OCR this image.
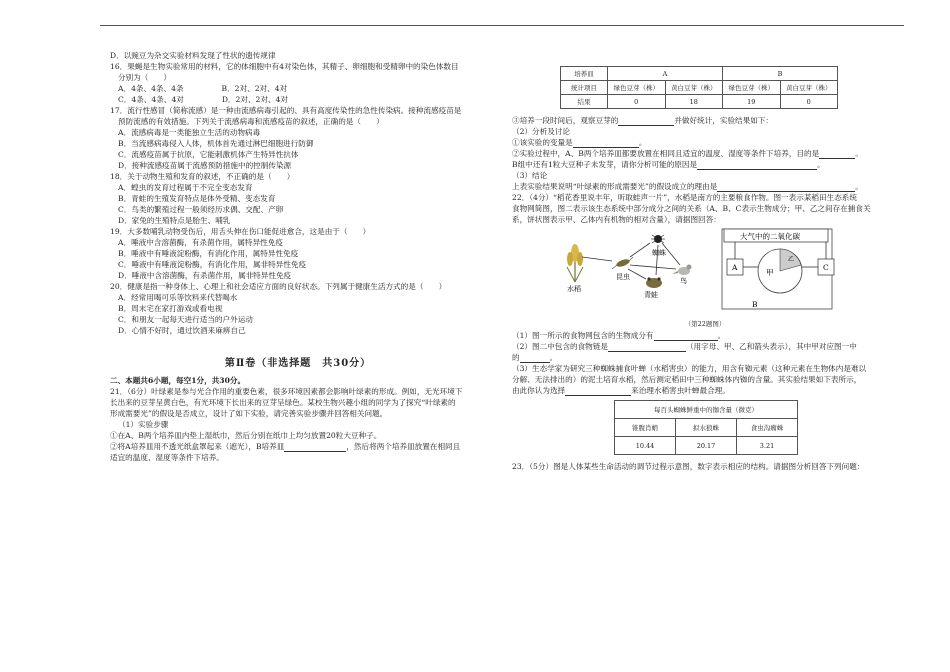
D．以豌豆为杂交实验材料发现了性状的遗传规律

16．果蝇是生物实验常用的材料，它的体细胞中有4对染色体，其精子、卵细胞和受精卵中的染色体数目

分别为（　　）

A．4条、4条、4条　　　　　B．2对、2对、4对

C．4条、4条、4对　　　　　D．2对、2对、4对

17．流行性感冒（简称流感）是一种由流感病毒引起的、具有高度传染性的急性传染病。接种流感疫苗是

预防流感的有效措施。下列关于流感病毒和流感疫苗的叙述，正确的是（　　）

A．流感病毒是一类能独立生活的动物病毒

B．当流感病毒侵入人体，机体首先通过淋巴细胞进行防御

C．流感疫苗属于抗原，它能刺激机体产生特异性抗体

D．接种流感疫苗属于流感预防措施中的控制传染源

18．关于动物生殖和发育的叙述，不正确的是（　　）

A．蝗虫的发育过程属于不完全变态发育

B．青蛙的生殖发育特点是体外受精、变态发育

C．鸟类的繁殖过程一般须经历求偶、交配、产卵

D．家兔的生殖特点是胎生、哺乳

19．大多数哺乳动物受伤后，用舌头伸在伤口能促进愈合，这是由于（　　）

A．唾液中含溶菌酶，有杀菌作用，属特异性免疫

B．唾液中有唾液淀粉酶，有消化作用，属特异性免疫

C．唾液中有唾液淀粉酶，有消化作用，属非特异性免疫

D．唾液中含溶菌酶，有杀菌作用，属非特异性免疫

20．健康是指一种身体上、心理上和社会适应方面的良好状态。下列属于健康生活方式的是（　　）

A．经常用喝可乐等饮料来代替喝水

B．周末宅在家打游戏或看电视

C．和朋友一起每天进行适当的户外运动

D．心情不好时，通过饮酒来麻痹自己

第Ⅱ卷（非选择题　共30分）

二、本题共6小题，每空1分，共30分。

21．（6分）叶绿素是参与光合作用的重要色素，很多环境因素都会影响叶绿素的形成。例如，无光环境下

长出来的豆芽呈黄白色，有光环境下长出来的豆芽呈绿色。某校生物兴趣小组的同学为了探究“叶绿素的

形成需要光”的假设是否成立，设计了如下实验，请完善实验步骤并回答相关问题。

（1）实验步骤

①在A、B两个培养皿内垫上湿纸巾，然后分别在纸巾上均匀放置20粒大豆种子。

②将A培养皿用不透光纸盒罩起来（遮光），B培养皿	，然后将两个培养皿放置在相同且

适宜的温度、湿度等条件下培养。

培养皿	A		B	
统计项目	绿色豆芽（株）	黄白豆芽（株）	绿色豆芽（株）	黄白豆芽（株）
结果	0	18	19	0

③培养一段时间后，观察豆芽的	并做好统计，实验结果如下：

（2）分析及讨论

①该实验的变量是	。

②实验过程中，A、B两个培养皿都要放置在相同且适宜的温度、湿度等条件下培养，目的是	。

B组中还有1粒大豆种子未发芽，请你分析可能的原因是	。

（3）结论

上表实验结果说明“叶绿素的形成需要光”的假设成立的理由是	。

22．（4分）“稻花香里说丰年，听取蛙声一片”，水稻是南方的主要粮食作物。图一表示某稻田生态系统

食物网简图，图二表示该生态系统中部分成分之间的关系（A、B、C表示生物成分；甲、乙之间存在捕食关

系，饼状图表示甲、乙体内有机物的相对含量），请据图回答：

水稻
昆虫
蜘蛛
鸟
青蛙
大气中的二氧化碳
A	C
甲
乙
B

（第22题图）

（1）图一所示的食物网包含的生物成分有	。

（2）图二中包含的食物链是	（用字母、甲、乙和箭头表示），其中甲对应图一中

的	。

（3）生态学家为研究三种蜘蛛捕食叶蝉（水稻害虫）的能力，用含有铷元素（这种元素在生物体内是难以

分解、无法排出的）的泥土培育水稻，然后测定稻田中三种蜘蛛体内铷的含量。其实验结果如下表所示，

由此你认为选择	来治理水稻害虫叶蝉最合理。

每百头蜘蛛鲜重中的铷含量（微克）		
锥腹肖蛸	拟水狼蛛	食虫沟瘤蛛
10.44	20.17	3.21

23．（5分）图是人体某些生命活动的调节过程示意图，数字表示相应的结构。请据图分析回答下列问题：
